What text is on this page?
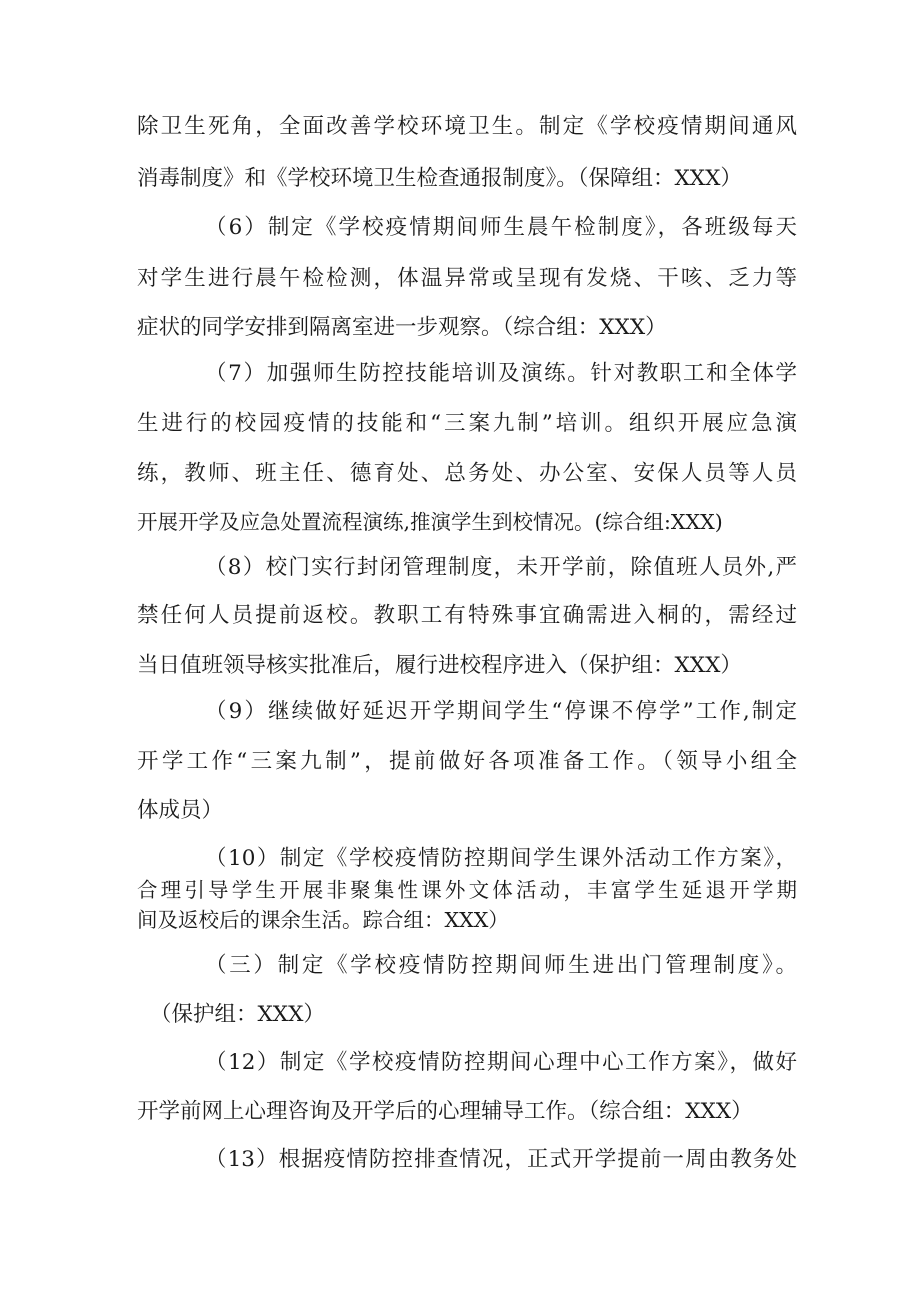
除卫生死角，全面改善学校环境卫生。制定《学校疫情期间通风
消毒制度》和《学校环境卫生检查通报制度》。（保障组：XXX）
（6）制定《学校疫情期间师生晨午检制度》，各班级每天
对学生进行晨午检检测，体温异常或呈现有发烧、干咳、乏力等
症状的同学安排到隔离室进一步观察。（综合组：XXX）
（7）加强师生防控技能培训及演练。针对教职工和全体学
生进行的校园疫情的技能和“三案九制”培训。组织开展应急演
练，教师、班主任、德育处、总务处、办公室、安保人员等人员
开展开学及应急处置流程演练,推演学生到校情况。(综合组:XXX)
（8）校门实行封闭管理制度，未开学前，除值班人员外,严
禁任何人员提前返校。教职工有特殊事宜确需进入桐的，需经过
当日值班领导核实批准后，履行进校程序进入（保护组：XXX）
（9）继续做好延迟开学期间学生“停课不停学”工作,制定
开学工作“三案九制”，提前做好各项准备工作。（领导小组全
体成员）
（10）制定《学校疫情防控期间学生课外活动工作方案》，
合理引导学生开展非聚集性课外文体活动，丰富学生延退开学期
间及返校后的课余生活。踪合组：XXX）
（三）制定《学校疫情防控期间师生进出门管理制度》。
（保护组：XXX）
（12）制定《学校疫情防控期间心理中心工作方案》，做好
开学前网上心理咨询及开学后的心理辅导工作。（综合组：XXX）
（13）根据疫情防控排查情况，正式开学提前一周由教务处
